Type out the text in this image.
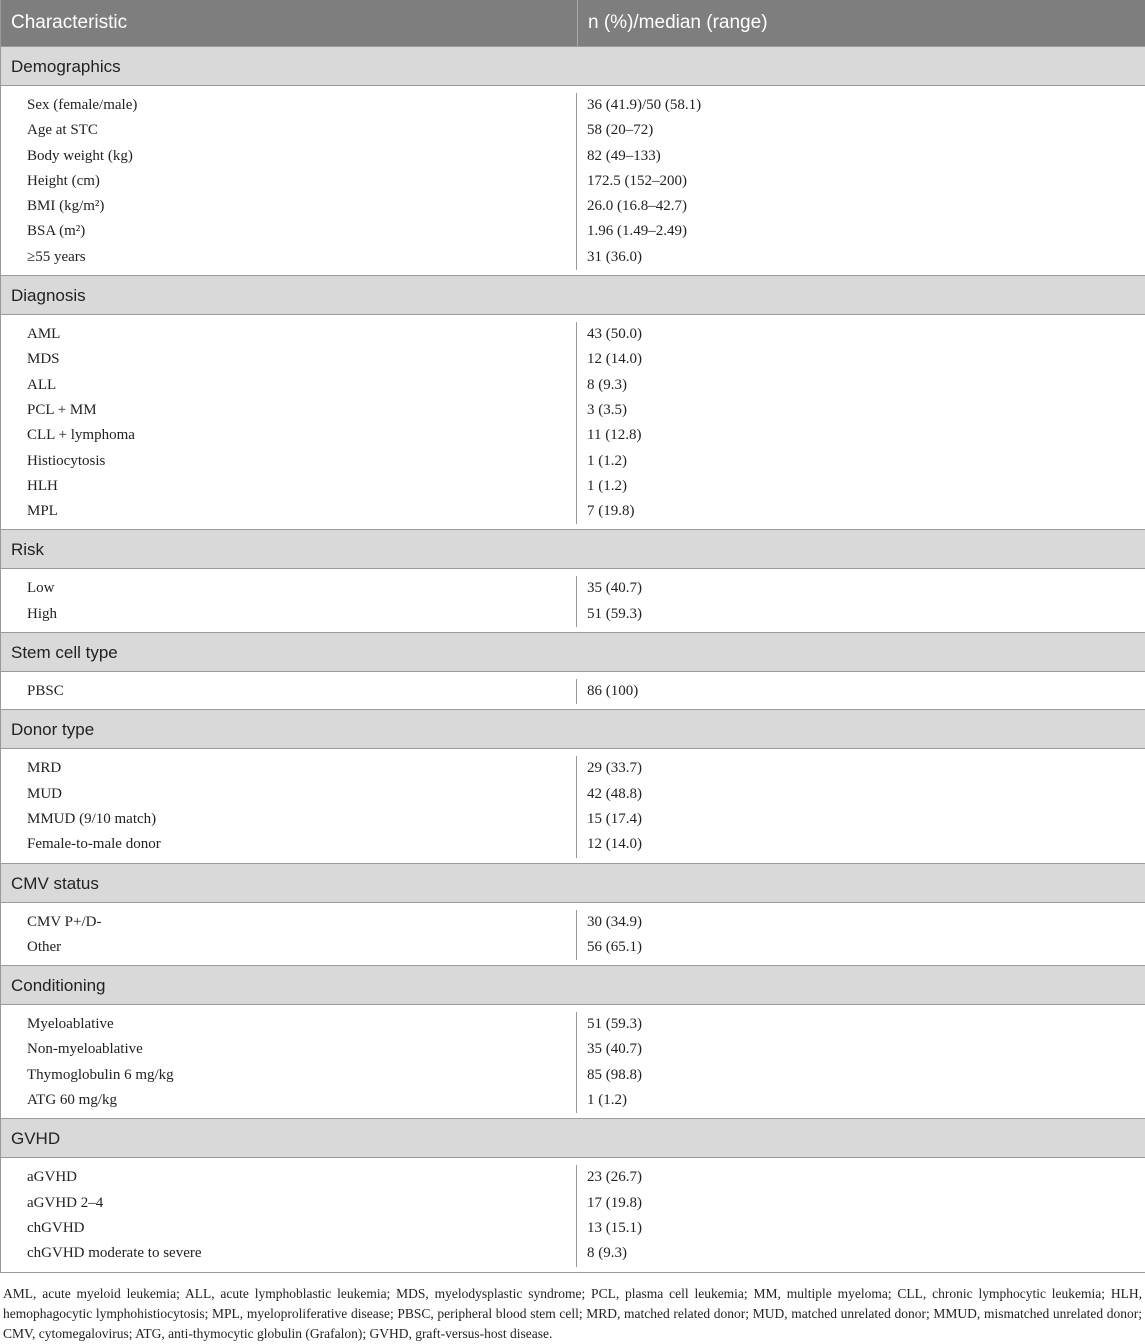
Characteristic	n (%)/median (range)
Demographics
Sex (female/male)
Age at STC
Body weight (kg)
Height (cm)
BMI (kg/m²)
BSA (m²)
≥55 years
36 (41.9)/50 (58.1)
58 (20–72)
82 (49–133)
172.5 (152–200)
26.0 (16.8–42.7)
1.96 (1.49–2.49)
31 (36.0)
Diagnosis
AML
MDS
ALL
PCL + MM
CLL + lymphoma
Histiocytosis
HLH
MPL
43 (50.0)
12 (14.0)
8 (9.3)
3 (3.5)
11 (12.8)
1 (1.2)
1 (1.2)
7 (19.8)
Risk
Low
High
35 (40.7)
51 (59.3)
Stem cell type
PBSC	86 (100)
Donor type
MRD
MUD
MMUD (9/10 match)
Female-to-male donor
29 (33.7)
42 (48.8)
15 (17.4)
12 (14.0)
CMV status
CMV P+/D-
Other
30 (34.9)
56 (65.1)
Conditioning
Myeloablative
Non-myeloablative
Thymoglobulin 6 mg/kg
ATG 60 mg/kg
51 (59.3)
35 (40.7)
85 (98.8)
1 (1.2)
GVHD
aGVHD
aGVHD 2–4
chGVHD
chGVHD moderate to severe
23 (26.7)
17 (19.8)
13 (15.1)
8 (9.3)
AML, acute myeloid leukemia; ALL, acute lymphoblastic leukemia; MDS, myelodysplastic syndrome; PCL, plasma cell leukemia; MM, multiple myeloma; CLL, chronic lymphocytic leukemia; HLH, hemophagocytic lymphohistiocytosis; MPL, myeloproliferative disease; PBSC, peripheral blood stem cell; MRD, matched related donor; MUD, matched unrelated donor; MMUD, mismatched unrelated donor; CMV, cytomegalovirus; ATG, anti-thymocytic globulin (Grafalon); GVHD, graft-versus-host disease.
